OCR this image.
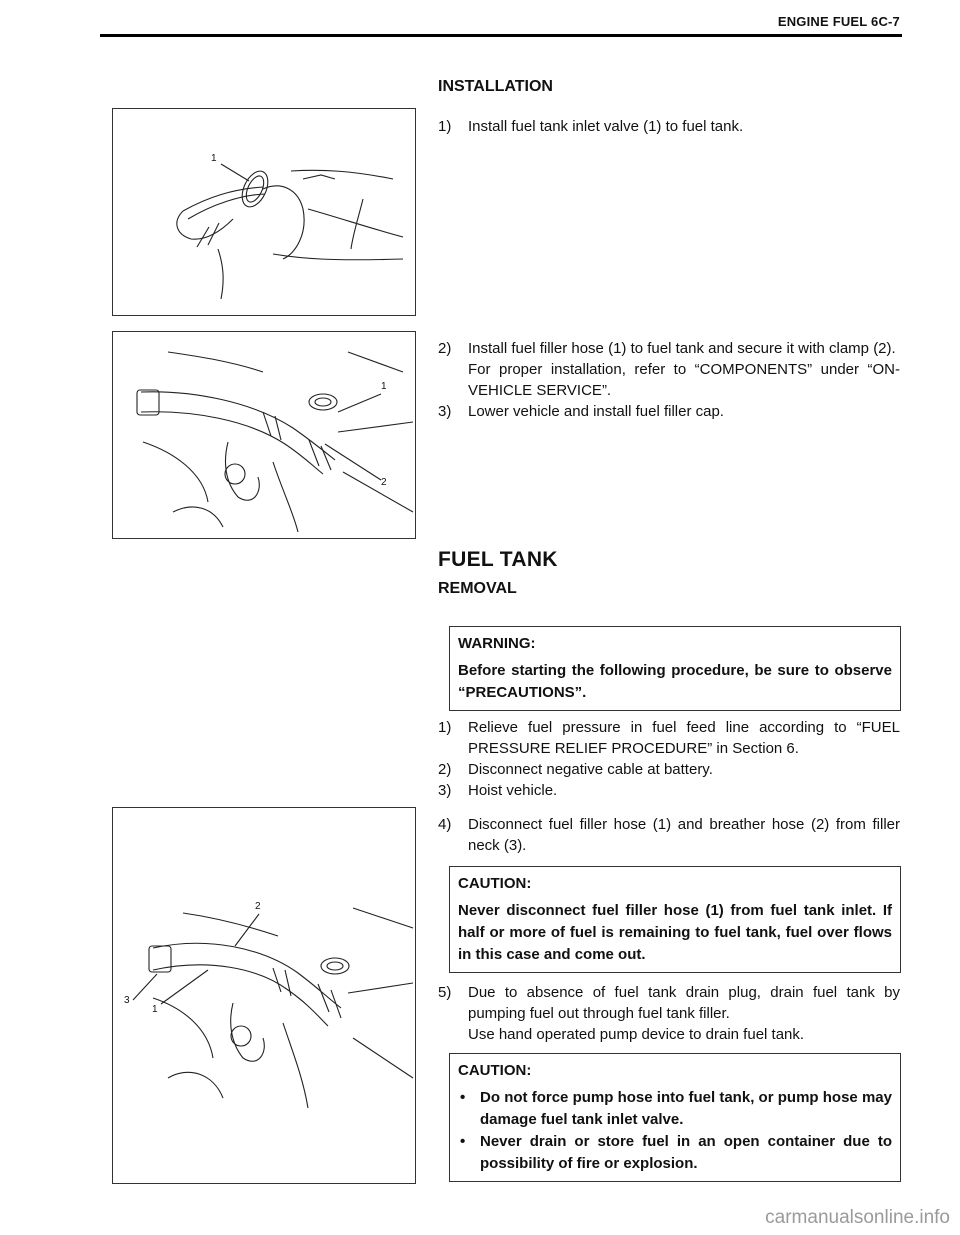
ENGINE FUEL 6C-7
INSTALLATION
1
1
2
1) Install fuel tank inlet valve (1) to fuel tank.
2) Install fuel filler hose (1) to fuel tank and secure it with clamp (2).
For proper installation, refer to “COMPONENTS” under “ON-VEHICLE SERVICE”.
3) Lower vehicle and install fuel filler cap.
FUEL TANK
REMOVAL
WARNING:
Before starting the following procedure, be sure to observe “PRECAUTIONS”.
1) Relieve fuel pressure in fuel feed line according to “FUEL PRESSURE RELIEF PROCEDURE” in Section 6.
2) Disconnect negative cable at battery.
3) Hoist vehicle.
2
3
1
4) Disconnect fuel filler hose (1) and breather hose (2) from filler neck (3).
CAUTION:
Never disconnect fuel filler hose (1) from fuel tank inlet. If half or more of fuel is remaining to fuel tank, fuel over flows in this case and come out.
5) Due to absence of fuel tank drain plug, drain fuel tank by pumping fuel out through fuel tank filler.
Use hand operated pump device to drain fuel tank.
CAUTION:
• Do not force pump hose into fuel tank, or pump hose may damage fuel tank inlet valve.
• Never drain or store fuel in an open container due to possibility of fire or explosion.
carmanualsonline.info
